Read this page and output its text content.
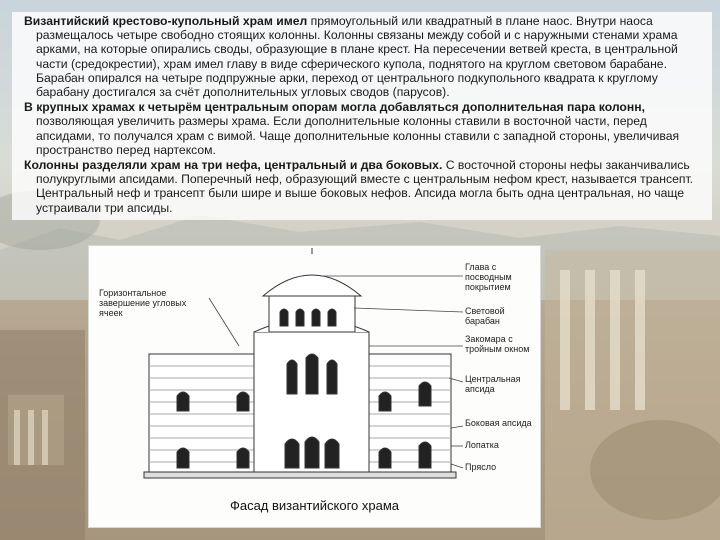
Византийский крестово-купольный храм имел прямоугольный или квадратный в плане наос. Внутри наоса размещалось четыре свободно стоящих колонны. Колонны связаны между собой и с наружными стенами храма арками, на которые опирались своды, образующие в плане крест. На пересечении ветвей креста, в центральной части (средокрестии), храм имел главу в виде сферического купола, поднятого на круглом световом барабане. Барабан опирался на четыре подпружные арки, переход от центрального подкупольного квадрата к круглому барабану достигался за счёт дополнительных угловых сводов (парусов).

В крупных храмах к четырём центральным опорам могла добавляться дополнительная пара колонн, позволяющая увеличить размеры храма. Если дополнительные колонны ставили в восточной части, перед апсидами, то получался храм с вимой. Чаще дополнительные колонны ставили с западной стороны, увеличивая пространство перед нартексом.

Колонны разделяли храм на три нефа, центральный и два боковых. С восточной стороны нефы заканчивались полукруглыми апсидами. Поперечный неф, образующий вместе с центральным нефом крест, называется трансепт. Центральный неф и трансепт были шире и выше боковых нефов. Апсида могла быть одна центральная, но чаще устраивали три апсиды.

Горизонтальное завершение угловых ячеек
Глава с посводным покрытием
Световой барабан
Закомара с тройным окном
Центральная апсида
Боковая апсида
Лопатка
Прясло
Фасад византийского храма
